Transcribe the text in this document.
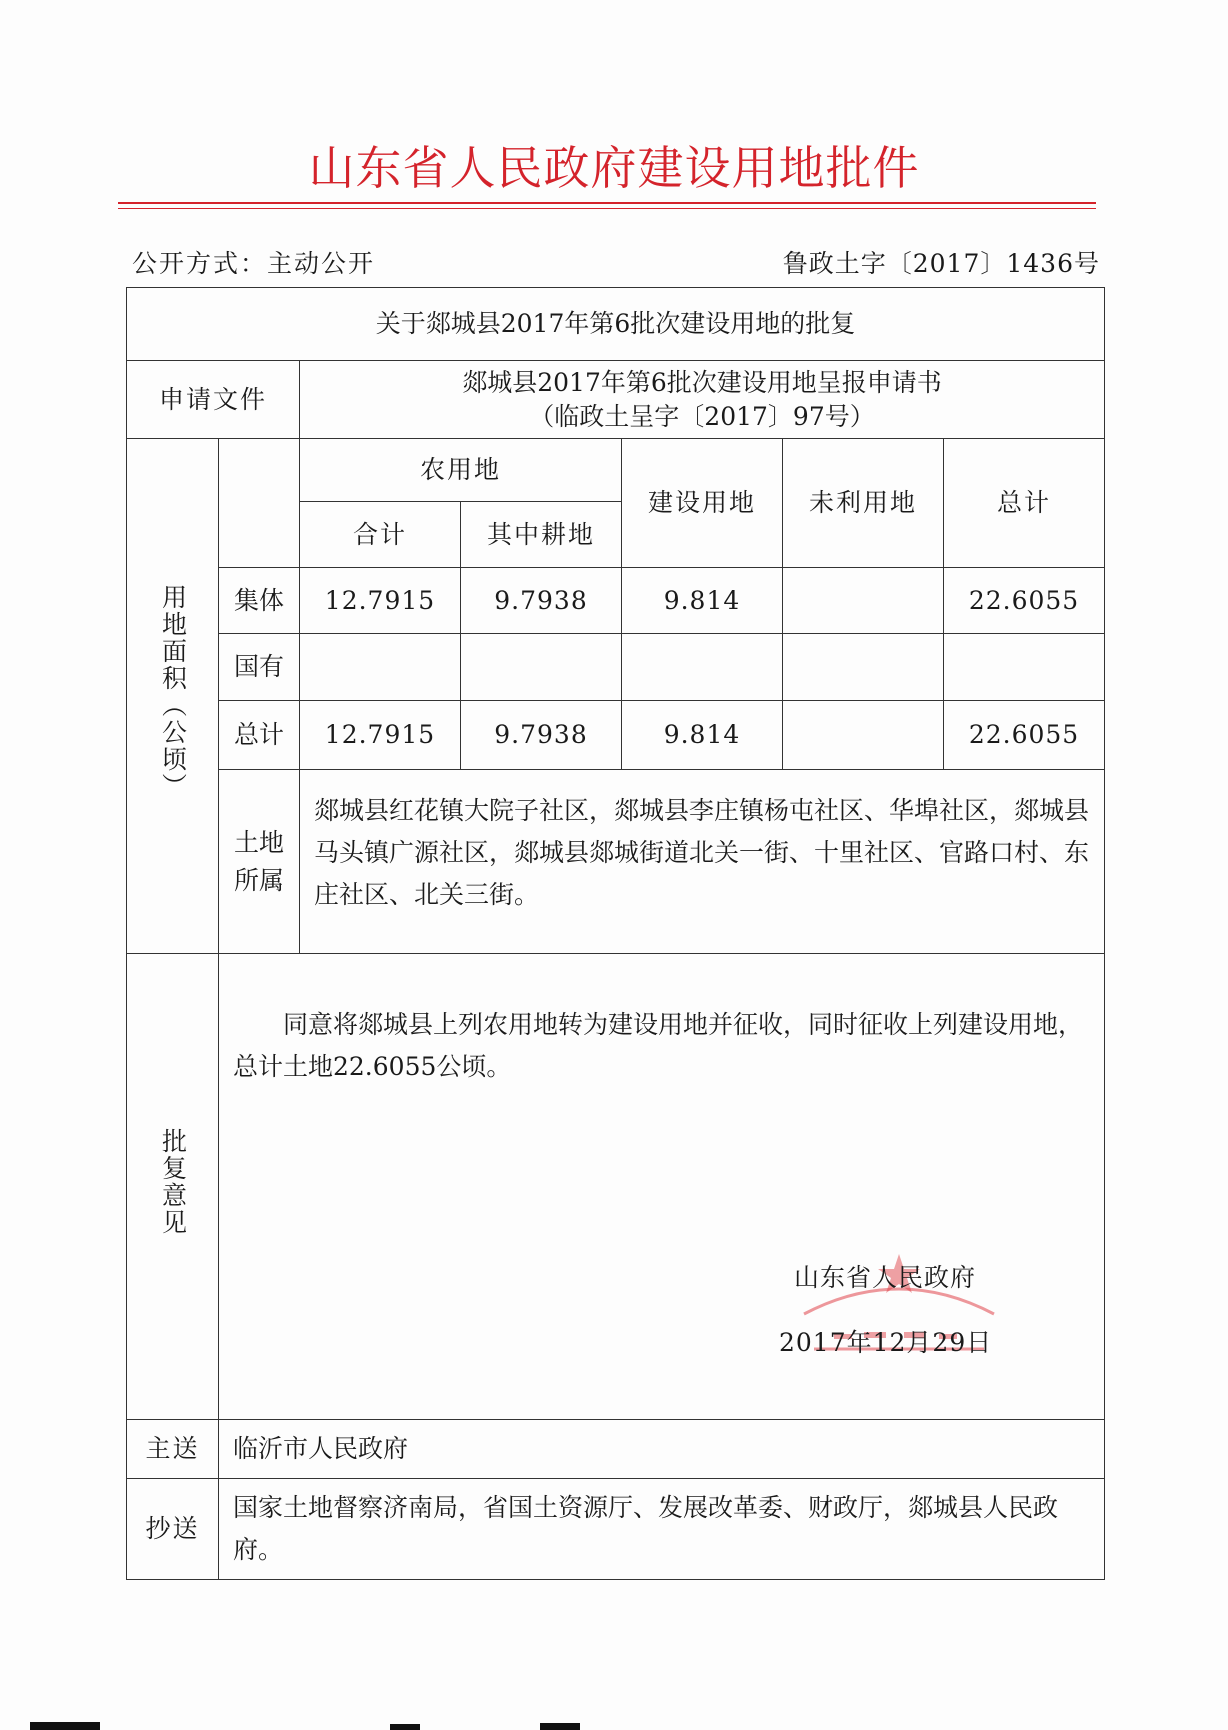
山东省人民政府建设用地批件
公开方式：主动公开	鲁政土字〔2017〕1436号
关于郯城县2017年第6批次建设用地的批复						
申请文件		郯城县2017年第6批次建设用地呈报申请书
（临政土呈字〔2017〕97号）				

用地面积（公顷）		农用地		建设用地	未利用地	总计
		合计	其中耕地			
	集体	12.7915	9.7938	9.814		22.6055
	国有					
	总计	12.7915	9.7938	9.814		22.6055

	土地所属	郯城县红花镇大院子社区，郯城县李庄镇杨屯社区、华埠社区，郯城县马头镇广源社区，郯城县郯城街道北关一街、十里社区、官路口村、东庄社区、北关三街。				
批复意见	同意将郯城县上列农用地转为建设用地并征收，同时征收上列建设用地，总计土地22.6055公顷。
山东省人民政府
2017年12月29日					

主送	临沂市人民政府					
抄送	国家土地督察济南局，省国土资源厅、发展改革委、财政厅，郯城县人民政府。					
